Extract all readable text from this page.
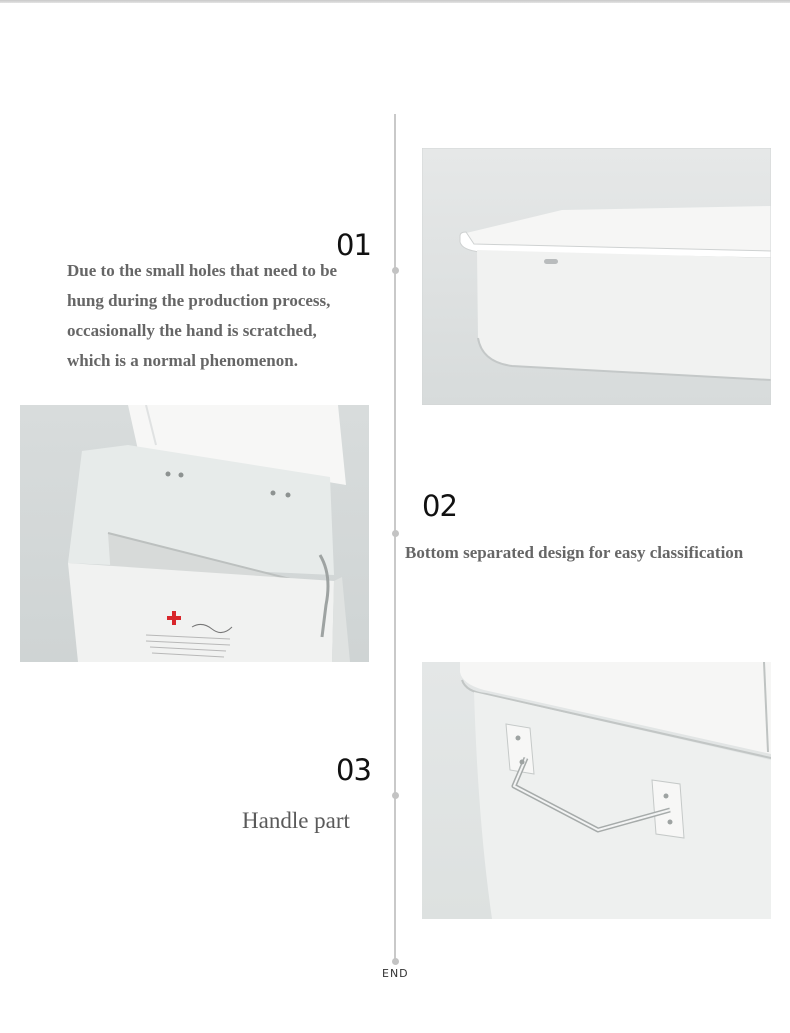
01
Due to the small holes that need to be
hung during the production process,
occasionally the hand is scratched,
which is a normal phenomenon.
02
Bottom separated design for easy classification
03
Handle part
END
